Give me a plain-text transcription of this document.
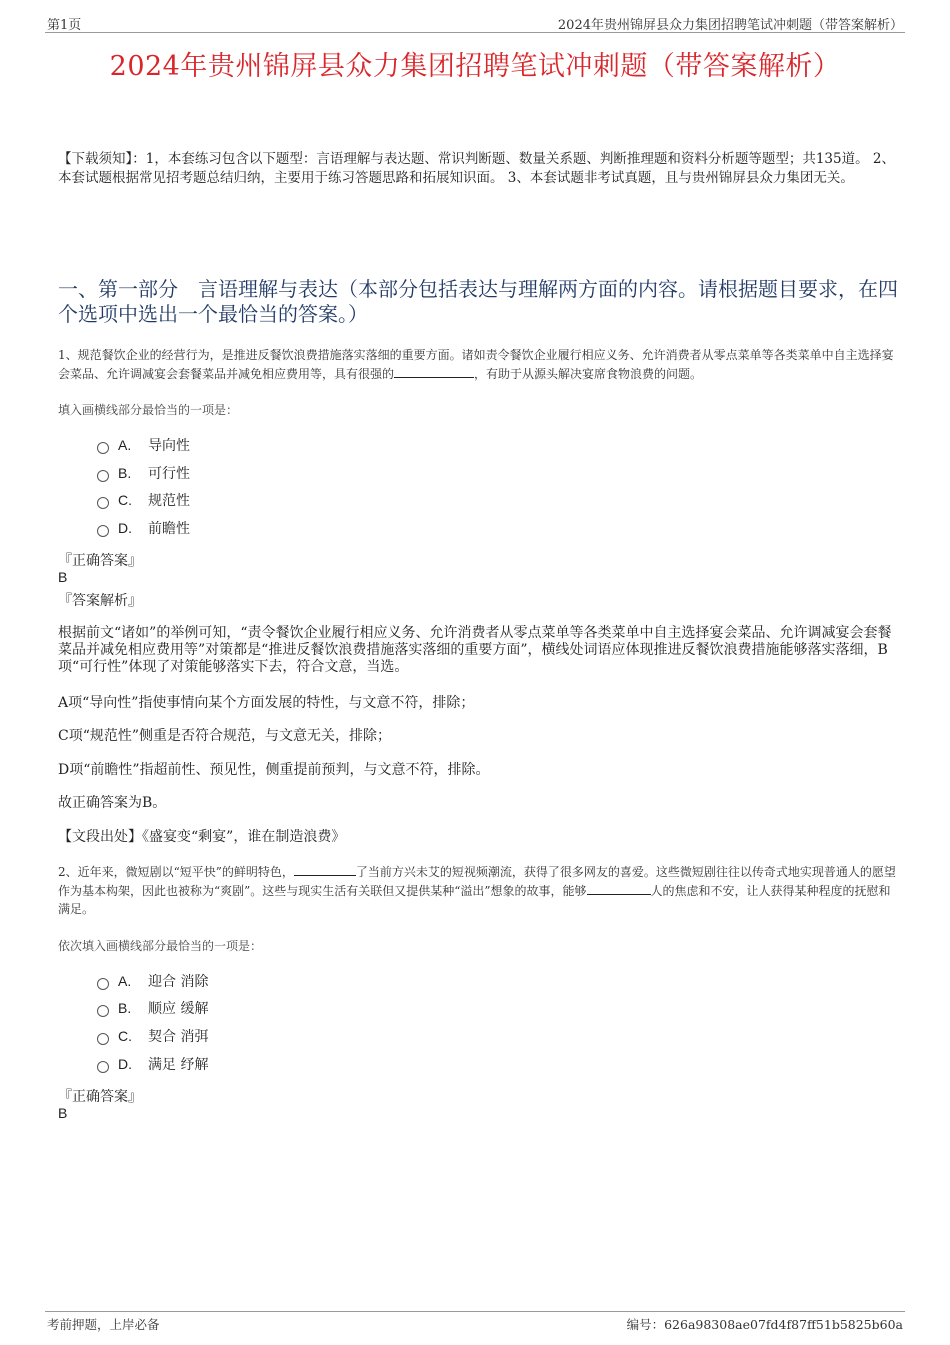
第1页	2024年贵州锦屏县众力集团招聘笔试冲刺题（带答案解析）
2024年贵州锦屏县众力集团招聘笔试冲刺题（带答案解析）
【下载须知】：1，本套练习包含以下题型：言语理解与表达题、常识判断题、数量关系题、判断推理题和资料分析题等题型；共135道。 2、本套试题根据常见招考题总结归纳，主要用于练习答题思路和拓展知识面。 3、本套试题非考试真题，且与贵州锦屏县众力集团无关。
一、第一部分　言语理解与表达（本部分包括表达与理解两方面的内容。请根据题目要求，在四个选项中选出一个最恰当的答案。）
1、规范餐饮企业的经营行为，是推进反餐饮浪费措施落实落细的重要方面。诸如责令餐饮企业履行相应义务、允许消费者从零点菜单等各类菜单中自主选择宴会菜品、允许调减宴会套餐菜品并减免相应费用等，具有很强的	，有助于从源头解决宴席食物浪费的问题。
填入画横线部分最恰当的一项是：
A.	导向性
B.	可行性
C.	规范性
D.	前瞻性
『正确答案』
B
『答案解析』
根据前文“诸如”的举例可知，“责令餐饮企业履行相应义务、允许消费者从零点菜单等各类菜单中自主选择宴会菜品、允许调减宴会套餐菜品并减免相应费用等”对策都是“推进反餐饮浪费措施落实落细的重要方面”，横线处词语应体现推进反餐饮浪费措施能够落实落细，B项“可行性”体现了对策能够落实下去，符合文意，当选。
A项“导向性”指使事情向某个方面发展的特性，与文意不符，排除；
C项“规范性”侧重是否符合规范，与文意无关，排除；
D项“前瞻性”指超前性、预见性，侧重提前预判，与文意不符，排除。
故正确答案为B。
【文段出处】《盛宴变“剩宴”，谁在制造浪费》
2、近年来，微短剧以“短平快”的鲜明特色，	了当前方兴未艾的短视频潮流，获得了很多网友的喜爱。这些微短剧往往以传奇式地实现普通人的愿望作为基本构架，因此也被称为“爽剧”。这些与现实生活有关联但又提供某种“溢出”想象的故事，能够	人的焦虑和不安，让人获得某种程度的抚慰和满足。
依次填入画横线部分最恰当的一项是：
A.	迎合 消除
B.	顺应 缓解
C.	契合 消弭
D.	满足 纾解
『正确答案』
B
考前押题，上岸必备	编号：626a98308ae07fd4f87ff51b5825b60a
